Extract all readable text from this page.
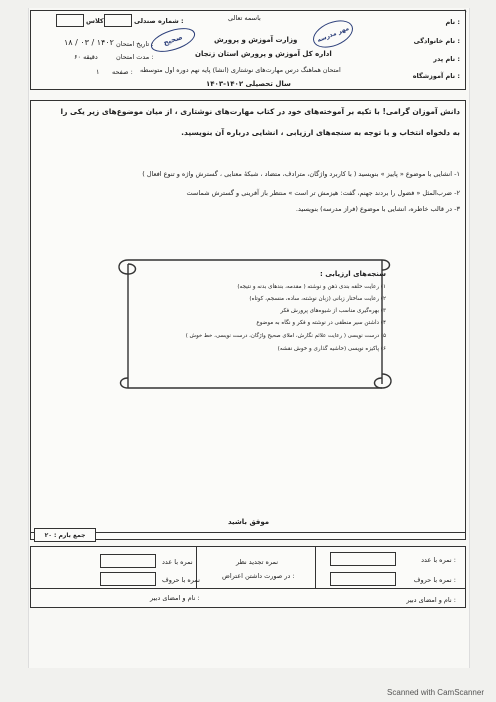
نام :
نام خانوادگی :
نام پدر :
نام آموزشگاه :
باسمه تعالی
وزارت آموزش و پرورش
اداره کل آموزش و پرورش استان زنجان
امتحان هماهنگ درس مهارت‌های نوشتاری (انشا) پایه نهم دوره اول متوسطه
سال تحصیلی ۱۴۰۲-۱۴۰۳
صحیح	مهر مدرسه
کلاس	شماره صندلی :
۱۸ / ۰۳ / ۱۴۰۲ تاریخ امتحان :
۶۰ دقیقه	مدت امتحان :
۱ صفحه :
دانش آموزان گرامی! با تکیه بر آموخته‌های خود در کتاب مهارت‌های نوشتاری ، از میان موضوع‌های زیر یکی را
به دلخواه انتخاب و با توجه به سنجه‌های ارزیابی ، انشایی درباره آن بنویسید.
۱- انشایی با موضوع « پاییز » بنویسید ( با کاربرد واژگان، مترادف، متضاد ، شبکهٔ معنایی ، گسترش واژه و تنوع افعال )
۲- ضرب‌المثل « فضول را بردند جهنم، گفت: هیزمش تر است » منتظر باز آفرینی و گسترش شماست
۳- در قالب خاطره، انشایی با موضوع (فراز مدرسه) بنویسید.
سنجه‌های ارزیابی :
۱) رعایت حلقه بندی ذهن و نوشته ( مقدمه، بندهای بدنه و نتیجه)
۲) رعایت ساختار زبانی (زبان نوشته، ساده، منسجم، کوتاه)
۳) بهره‌گیری مناسب از شیوه‌های پرورش فکر
۴) داشتن سیر منطقی در نوشته و فکر و نگاه به موضوع
۵) درست نویسی ( رعایت علائم نگارش، املای صحیح واژگان، درست نویسی، خط خوش )
۶) پاکیزه نویسی (حاشیه گذاری و خوش نقشه)
موفق باشید
جمع بارم : ۲۰
نمره با عدد :
نمره با حروف :
نام و امضای دبیر :
نمره تجدید نظر
در صورت داشتن اعتراض :
نمره با عدد
نمره با حروف
نام و امضای دبیر :
Scanned with CamScanner
